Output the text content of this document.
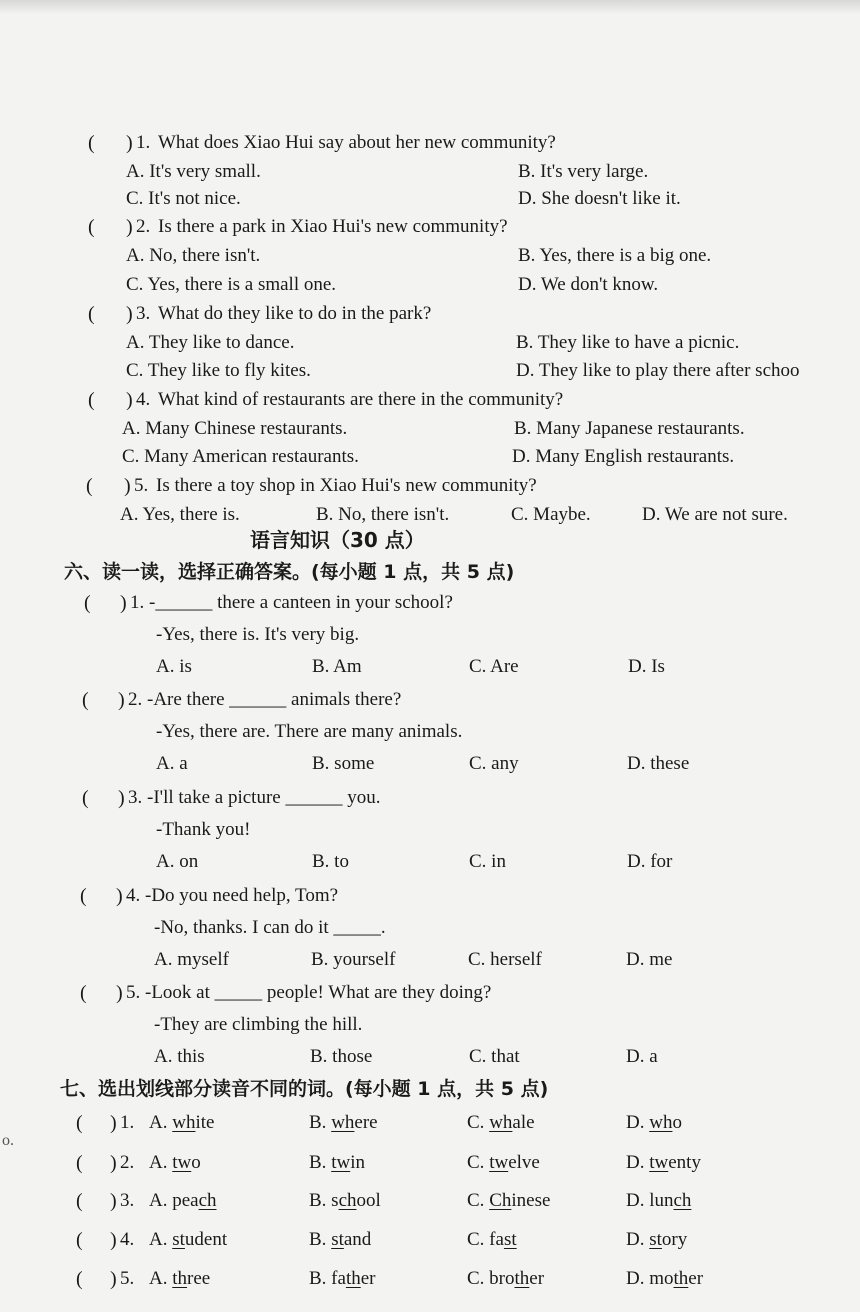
( ) 1. What does Xiao Hui say about her new community?
A. It's very small.	B. It's very large.
C. It's not nice.	D. She doesn't like it.
( ) 2. Is there a park in Xiao Hui's new community?
A. No, there isn't.	B. Yes, there is a big one.
C. Yes, there is a small one.	D. We don't know.
( ) 3. What do they like to do in the park?
A. They like to dance.	B. They like to have a picnic.
C. They like to fly kites.	D. They like to play there after schoo
( ) 4. What kind of restaurants are there in the community?
A. Many Chinese restaurants.	B. Many Japanese restaurants.
C. Many American restaurants.	D. Many English restaurants.
( ) 5. Is there a toy shop in Xiao Hui's new community?
A. Yes, there is.	B. No, there isn't.	C. Maybe.	D. We are not sure.
语言知识（30 点）
六、读一读，选择正确答案。(每小题 1 点，共 5 点)
( ) 1. -______ there a canteen in your school?
-Yes, there is. It's very big.
A. is	B. Am	C. Are	D. Is
( ) 2. -Are there ______ animals there?
-Yes, there are. There are many animals.
A. a	B. some	C. any	D. these
( ) 3. -I'll take a picture ______ you.
-Thank you!
A. on	B. to	C. in	D. for
( ) 4. -Do you need help, Tom?
-No, thanks. I can do it _____.
A. myself	B. yourself	C. herself	D. me
( ) 5. -Look at _____ people! What are they doing?
-They are climbing the hill.
A. this	B. those	C. that	D. a
七、选出划线部分读音不同的词。(每小题 1 点，共 5 点)
( ) 1. A. white	B. where	C. whale	D. who
( ) 2. A. two	B. twin	C. twelve	D. twenty
( ) 3. A. peach	B. school	C. Chinese	D. lunch
( ) 4. A. student	B. stand	C. fast	D. story
( ) 5. A. three	B. father	C. brother	D. mother
o.
